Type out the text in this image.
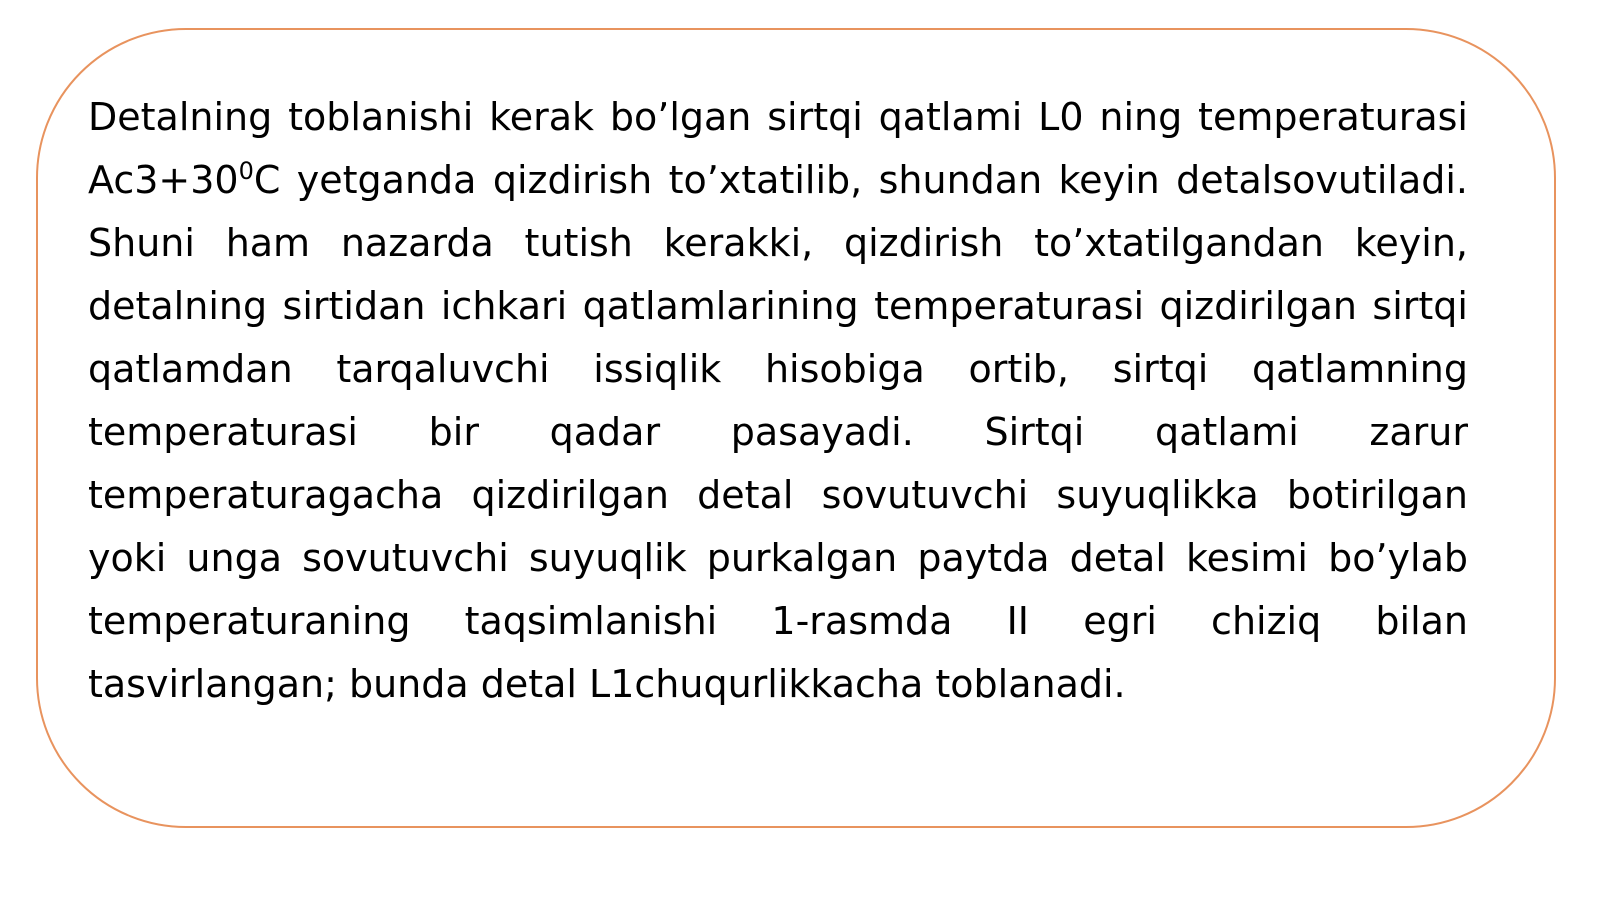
Detalning toblanishi kerak bo’lgan sirtqi qatlami L0 ning temperaturasi $Ac3+30^0C$ yetganda qizdirish to’xtatilib, shundan keyin detalsovutiladi. Shuni ham nazarda tutish kerakki, qizdirish to’xtatilgandan keyin, detalning sirtidan ichkari qatlamlarining temperaturasi qizdirilgan sirtqi qatlamdan tarqaluvchi issiqlik hisobiga ortib, sirtqi qatlamning temperaturasi bir qadar pasayadi. Sirtqi qatlami zarur temperaturagacha qizdirilgan detal sovutuvchi suyuqlikka botirilgan yoki unga sovutuvchi suyuqlik purkalgan paytda detal kesimi bo’ylab temperaturaning taqsimlanishi 1-rasmda II egri chiziq bilan tasvirlangan; bunda detal L1chuqurlikkacha toblanadi.
